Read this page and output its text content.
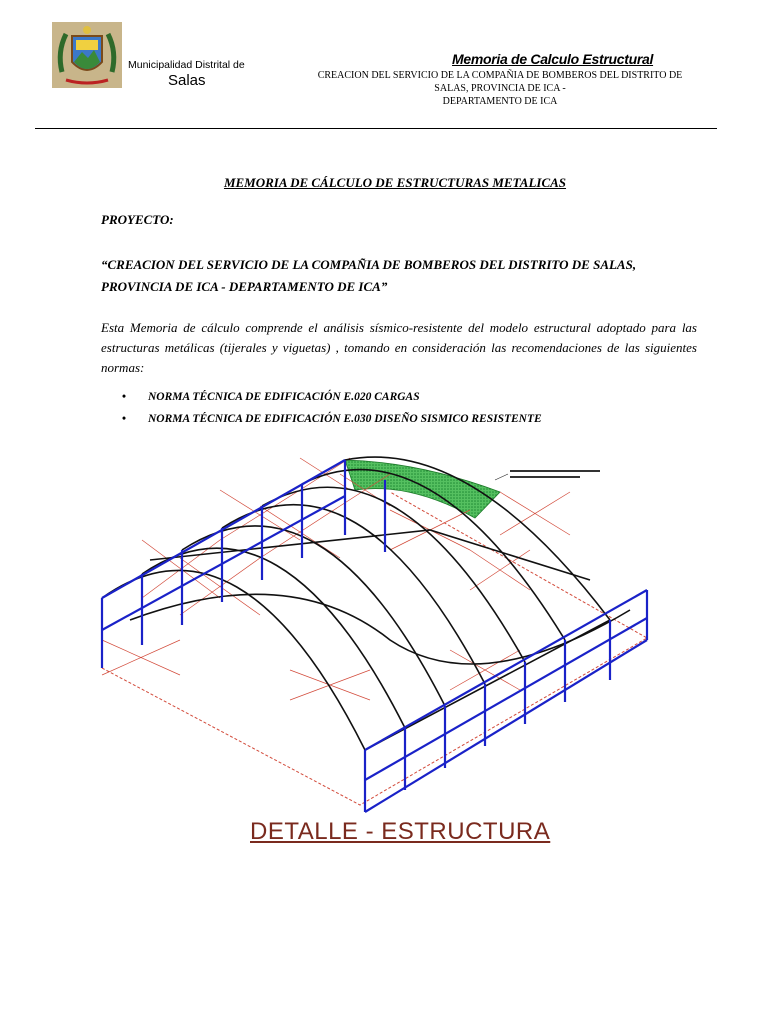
Municipalidad Distrital de
Salas
Memoria de Calculo Estructural
CREACION DEL SERVICIO DE LA COMPAÑIA DE BOMBEROS DEL DISTRITO DE
SALAS, PROVINCIA DE ICA -
DEPARTAMENTO DE ICA
MEMORIA DE CÁLCULO DE ESTRUCTURAS METALICAS
PROYECTO:
“CREACION DEL SERVICIO DE LA COMPAÑIA DE BOMBEROS DEL DISTRITO DE SALAS, PROVINCIA DE ICA - DEPARTAMENTO DE ICA”
Esta Memoria de cálculo comprende el análisis sísmico-resistente del modelo estructural adoptado para las estructuras metálicas (tijerales y viguetas) , tomando en consideración las recomendaciones de las siguientes normas:
• NORMA TÉCNICA DE EDIFICACIÓN E.020 CARGAS
• NORMA TÉCNICA DE EDIFICACIÓN E.030 DISEÑO SISMICO RESISTENTE
DETALLE - ESTRUCTURA
